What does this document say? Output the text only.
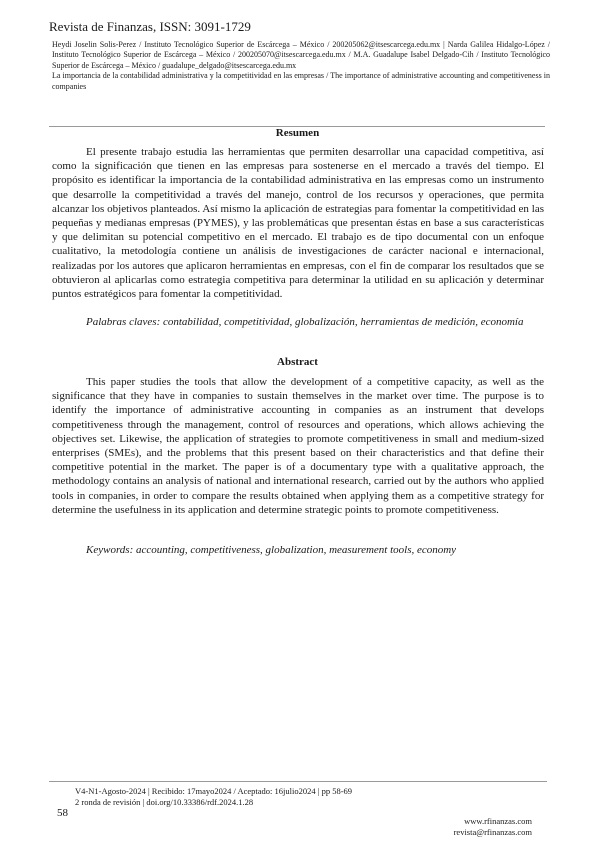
Revista de Finanzas, ISSN: 3091-1729
Heydi Joselin Solis-Perez / Instituto Tecnológico Superior de Escárcega – México / 200205062@itsescarcega.edu.mx | Narda Galilea Hidalgo-López / Instituto Tecnológico Superior de Escárcega – México / 200205070@itsescarcega.edu.mx / M.A. Guadalupe Isabel Delgado-Cih / Instituto Tecnológico Superior de Escárcega – México / guadalupe_delgado@itsescarcega.edu.mx
La importancia de la contabilidad administrativa y la competitividad en las empresas / The importance of administrative accounting and competitiveness in companies
Resumen

El presente trabajo estudia las herramientas que permiten desarrollar una capacidad competitiva, así como la significación que tienen en las empresas para sostenerse en el mercado a través del tiempo. El propósito es identificar la importancia de la contabilidad administrativa en las empresas como un instrumento que desarrolle la competitividad a través del manejo, control de los recursos y operaciones, que permita alcanzar los objetivos planteados. Así mismo la aplicación de estrategias para fomentar la competitividad en las pequeñas y medianas empresas (PYMES), y las problemáticas que presentan éstas en base a sus características y que delimitan su potencial competitivo en el mercado. El trabajo es de tipo documental con un enfoque cualitativo, la metodología contiene un análisis de investigaciones de carácter nacional e internacional, realizadas por los autores que aplicaron herramientas en empresas, con el fin de comparar los resultados que se obtuvieron al aplicarlas como estrategia competitiva para determinar la utilidad en su aplicación y determinar puntos estratégicos para fomentar la competitividad.

Palabras claves: contabilidad, competitividad, globalización, herramientas de medición, economía
Abstract

This paper studies the tools that allow the development of a competitive capacity, as well as the significance that they have in companies to sustain themselves in the market over time. The purpose is to identify the importance of administrative accounting in companies as an instrument that develops competitiveness through the management, control of resources and operations, which allows achieving the objectives set. Likewise, the application of strategies to promote competitiveness in small and medium-sized enterprises (SMEs), and the problems that this present based on their characteristics and that define their competitive potential in the market. The paper is of a documentary type with a qualitative approach, the methodology contains an analysis of national and international research, carried out by the authors who applied tools in companies, in order to compare the results obtained when applying them as a competitive strategy for determine the usefulness in its application and determine strategic points to promote competitiveness.

Keywords: accounting, competitiveness, globalization, measurement tools, economy
V4-N1-Agosto-2024 | Recibido: 17mayo2024 / Aceptado: 16julio2024 | pp 58-69
2 ronda de revisión | doi.org/10.33386/rdf.2024.1.28
58
www.rfinanzas.com
revista@rfinanzas.com
